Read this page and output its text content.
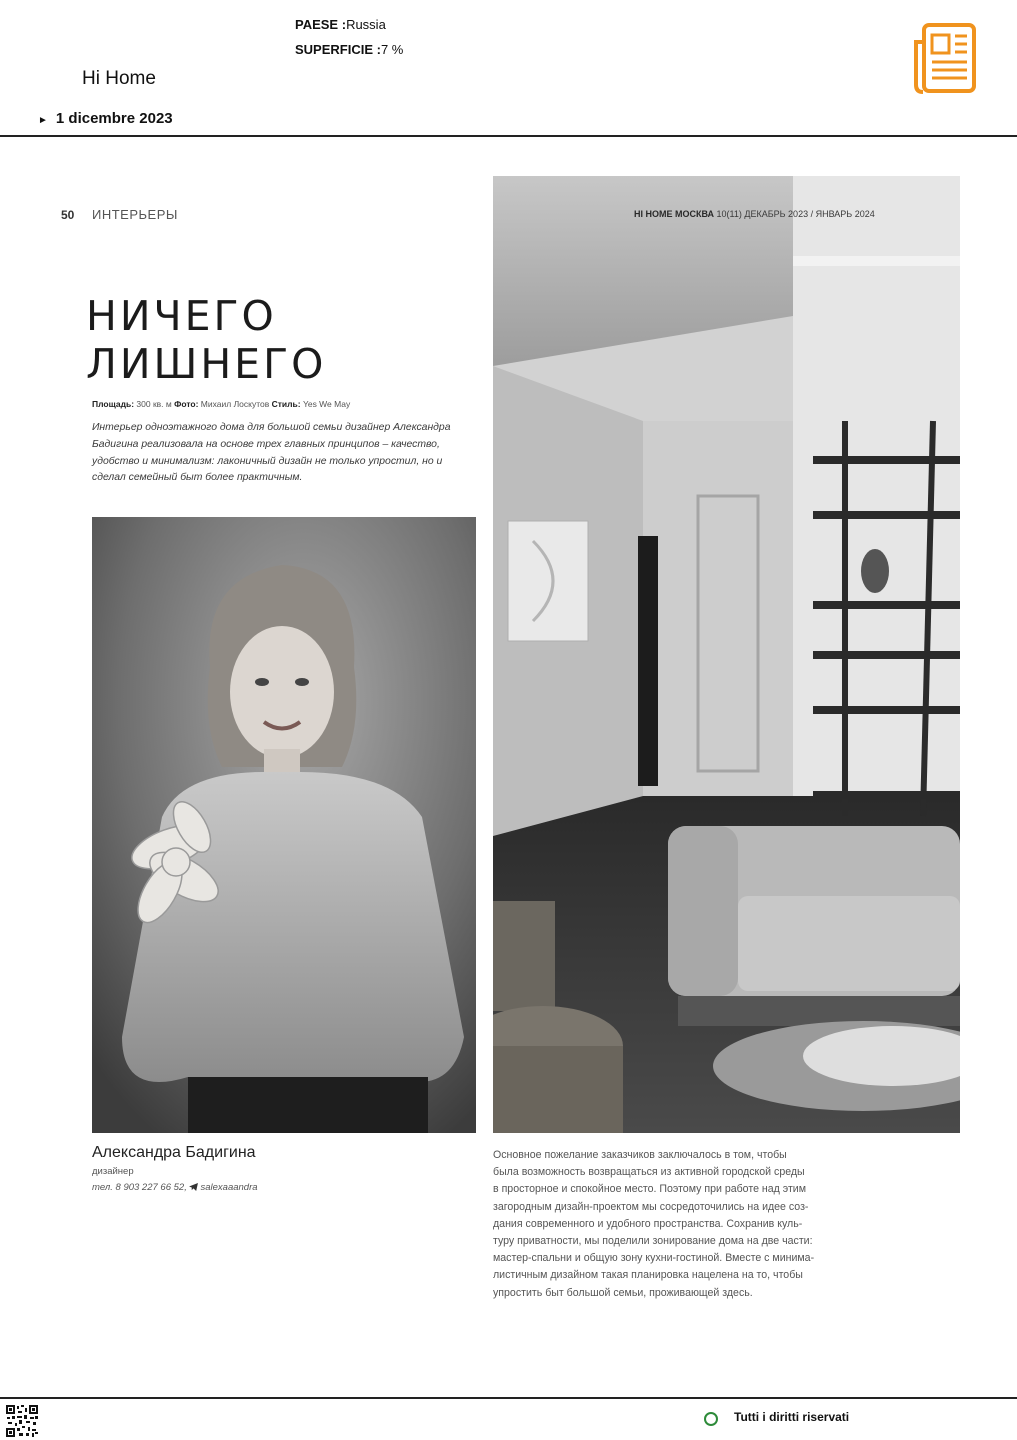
PAESE :Russia
SUPERFICIE :7 %
Hi Home
► 1 dicembre 2023
50 ИНТЕРЬЕРЫ
НИЧЕГО
ЛИШНЕГО
Площадь: 300 кв. м Фото: Михаил Лоскутов Стиль: Yes We May

Интерьер одноэтажного дома для большой семьи дизайнер Александра Бадигина реализовала на основе трех главных принципов – качество, удобство и минимализм: лаконичный дизайн не только упростил, но и сделал семейный быт более практичным.

Александра Бадигина
дизайнер
тел. 8 903 227 66 52, salexaaandra
HI HOME МОСКВА 10(11) ДЕКАБРЬ 2023 / ЯНВАРЬ 2024

Основное пожелание заказчиков заключалось в том, чтобы
была возможность возвращаться из активной городской среды
в просторное и спокойное место. Поэтому при работе над этим
загородным дизайн-проектом мы сосредоточились на идее соз-
дания современного и удобного пространства. Сохранив куль-
туру приватности, мы поделили зонирование дома на две части:
мастер-спальни и общую зону кухни-гостиной. Вместе с минима-
листичным дизайном такая планировка нацелена на то, чтобы
упростить быт большой семьи, проживающей здесь.

Tutti i diritti riservati
